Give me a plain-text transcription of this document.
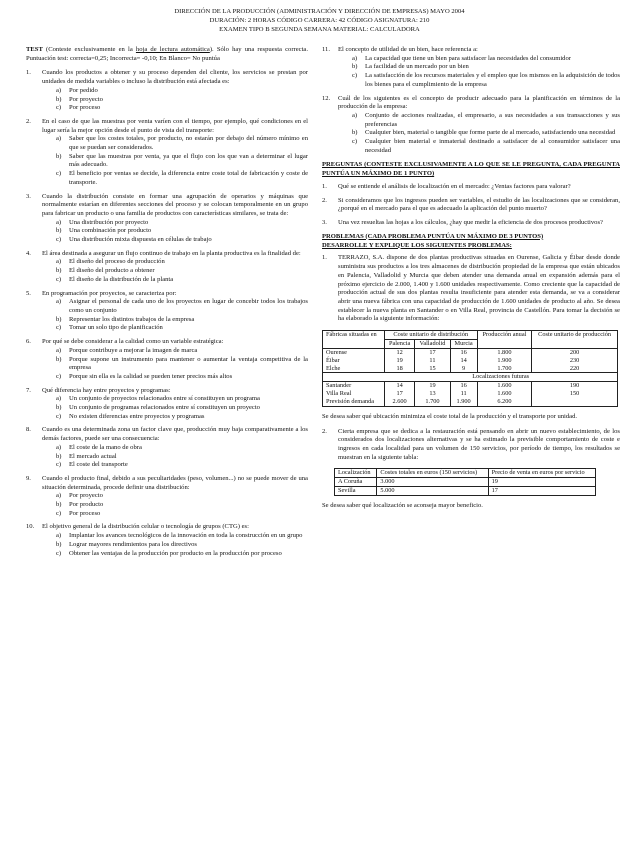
DIRECCIÓN DE LA PRODUCCIÓN (ADMINISTRACIÓN Y DIRECCIÓN DE EMPRESAS) MAYO 2004
DURACIÓN: 2 HORAS CÓDIGO CARRERA: 42 CÓDIGO ASIGNATURA: 210
EXAMEN TIPO B SEGUNDA SEMANA MATERIAL: CALCULADORA
TEST (Conteste exclusivamente en la hoja de lectura automática). Sólo hay una respuesta correcta. Puntuación test: correcta=0,25; Incorrecta= -0,10; En Blanco= No puntúa
1.	Cuando los productos a obtener y su proceso dependen del cliente, los servicios se prestan por unidades de medida variables o incluso la distribución está afectada es:
a)	Por pedido
b)	Por proyecto
c)	Por proceso
2.	En el caso de que las muestras por venta varíen con el tiempo, por ejemplo, qué condiciones en el lugar sería la mejor opción desde el punto de vista del transporte:
a)	Saber que los costes totales, por producto, no estarán por debajo del número mínimo en que se puedan ser considerados.
b)	Saber que las muestras por venta, ya que el flujo con los que van a determinar el lugar más adecuado.
c)	El beneficio por ventas se decide, la diferencia entre coste total de fabricación y coste de transporte.
3.	Cuando la distribución consiste en formar una agrupación de operarios y máquinas que normalmente estarían en diferentes secciones del proceso y se colocan temporalmente en un grupo para fabricar un producto o una familia de productos con características similares, se trata de:
a)	Una distribución por proyecto
b)	Una combinación por producto
c)	Una distribución mixta dispuesta en células de trabajo
4.	El área destinada a asegurar un flujo continuo de trabajo en la planta productiva es la finalidad de:
a)	El diseño del proceso de producción
b)	El diseño del producto a obtener
c)	El diseño de la distribución de la planta
5.	En programación por proyectos, se caracteriza por:
a)	Asignar el personal de cada uno de los proyectos en lugar de concebir todos los trabajos como un conjunto
b)	Representar los distintos trabajos de la empresa
c)	Tomar un solo tipo de planificación
6.	Por qué se debe considerar a la calidad como un variable estratégica:
a)	Porque contribuye a mejorar la imagen de marca
b)	Porque supone un instrumento para mantener o aumentar la ventaja competitiva de la empresa
c)	Porque sin ella es la calidad se pueden tener precios más altos
7.	Qué diferencia hay entre proyectos y programas:
a)	Un conjunto de proyectos relacionados entre sí constituyen un programa
b)	Un conjunto de programas relacionados entre sí constituyen un proyecto
c)	No existen diferencias entre proyectos y programas
8.	Cuando es una determinada zona un factor clave que, producción muy baja comparativamente a los demás factores, puede ser una consecuencia:
a)	El coste de la mano de obra
b)	El mercado actual
c)	El coste del transporte
9.	Cuando el producto final, debido a sus peculiaridades (peso, volumen...) no se puede mover de una situación determinada, procede definir una distribución:
a)	Por proyecto
b)	Por producto
c)	Por proceso
10.	El objetivo general de la distribución celular o tecnología de grupos (CTG) es:
a)	Implantar los avances tecnológicos de la innovación en toda la construcción en un grupo
b)	Lograr mayores rendimientos para los directivos
c)	Obtener las ventajas de la producción por producto en la producción por proceso
11.	El concepto de utilidad de un bien, hace referencia a:
a)	La capacidad que tiene un bien para satisfacer las necesidades del consumidor
b)	La facilidad de un mercado por un bien
c)	La satisfacción de los recursos materiales y el empleo que los mismos en la adquisición de todos los bienes para el cumplimiento de la empresa
12.	Cuál de los siguientes es el concepto de producir adecuado para la planificación en términos de la producción de la empresa:
a)	Conjunto de acciones realizadas, el empresario, a sus necesidades a sus transacciones y sus preferencias
b)	Cualquier bien, material o tangible que forme parte de al mercado, satisfaciendo una necesidad
c)	Cualquier bien material e inmaterial destinado a satisfacer de al consumidor satisfacer una necesidad
PREGUNTAS (CONTESTE EXCLUSIVAMENTE A LO QUE SE LE PREGUNTA, CADA PREGUNTA PUNTÚA UN MÁXIMO DE 1 PUNTO)
1.	Qué se entiende el análisis de localización en el mercado: ¿Ventas factores para valorar?
2.	Si consideramos que los ingresos pueden ser variables, el estudio de las localizaciones que se consideran, ¿porqué en el mercado para el que es adecuado la aplicación del punto muerto?
3.	Una vez resueltas las hojas a los cálculos, ¿hay que medir la eficiencia de dos procesos productivos?
PROBLEMAS (CADA PROBLEMA PUNTÚA UN MÁXIMO DE 3 PUNTOS)
DESARROLLE Y EXPLIQUE LOS SIGUIENTES PROBLEMAS:
1.	TERRAZO, S.A. dispone de dos plantas productivas situadas en Ourense, Galicia y Éibar desde donde suministra sus productos a los tres almacenes de distribución propiedad de la empresa que están ubicados en Palencia, Valladolid y Murcia que deben atender una demanda anual en expansión además para el próximo ejercicio de 2.000, 1.400 y 1.600 unidades respectivamente. Como creciente que la capacidad de producción actual de sus dos plantas resulta insuficiente para atender esta demanda, se va a considerar abrir una nueva fábrica con una capacidad de producción de 1.600 unidades de producto al año. Se desea establecer la nueva planta en Santander o en Villa Real, provincia de Castellón. Para tomar la decisión se ha elaborado la siguiente información:
Fábricas situadas en	Coste unitario de distribución			Producción anual	Coste unitario de producción
	Palencia	Valladolid	Murcia		
Ourense	12	17	16	1.800	200
Éibar	19	11	14	1.900	230
Elche	18	15	9	1.700	220
	Localizaciones futuras				
Santander	14	19	16	1.600	190
Villa Real	17	13	11	1.600	150
Previsión demanda	2.600	1.700	1.900	6.200	
Se desea saber qué ubicación minimiza el coste total de la producción y el transporte por unidad.
2.	Cierta empresa que se dedica a la restauración está pensando en abrir un nuevo establecimiento, de los considerados dos localizaciones alternativas y se ha estimado la previsible comportamiento de coste e ingresos en cada localidad para un volumen de 150 servicios, por período de tiempo, los resultados se muestran en la siguiente tabla:
Localización	Costes totales en euros (150 servicios)	Precio de venta en euros por servicio
A Coruña	3.000	19
Sevilla	5.000	17
Se desea saber qué localización se aconseja mayor beneficio.
